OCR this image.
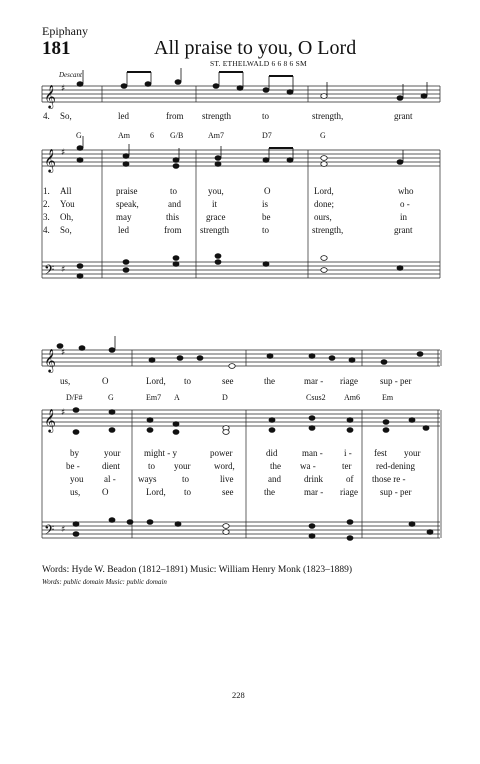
Epiphany
181	All praise to you, O Lord
ST. ETHELWALD 6 6 8 6 SM
Descant
𝄞
𝄞
𝄢
𝄞
𝄞
𝄢
♯
♯
♯
♯
♯
♯
4. So,	led	from strength	to	strength,	grant
G	Am	6 G/B	Am7	D7	G
1. All	praise	to	you,	O	Lord,	who
2. You	speak,	and	it	is	done;	o -
3. Oh,	may	this	grace	be	ours,	in
4. So,	led	from strength	to	strength,	grant
us,	O	Lord, to	see	the	mar - riage sup - per
D/F#	G	Em7 A	D	Csus2 Am6	Em
by	your	might - y	power	did	man - i - fest your
be - dient	to your	word,	the wa -	ter	red-dening
you al - ways	to	live	and	drink	of those re -
us, O	Lord, to	see	the	mar - riage sup - per
Words: Hyde W. Beadon (1812–1891) Music: William Henry Monk (1823–1889)
Words: public domain Music: public domain
228
